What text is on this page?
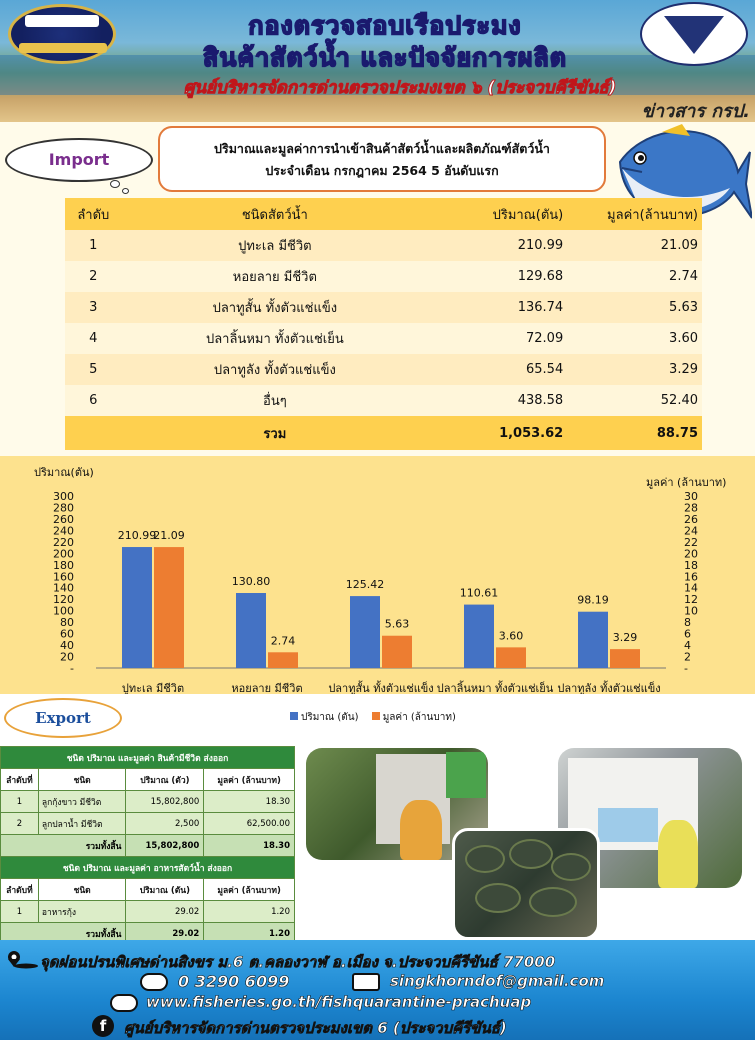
กองตรวจสอบเรือประมง
สินค้าสัตว์น้ำ และปัจจัยการผลิต
ศูนย์บริหารจัดการด่านตรวจประมงเขต ๖ (ประจวบคีรีขันธ์)
ข่าวสาร กรป.
Import
ปริมาณและมูลค่าการนำเข้าสินค้าสัตว์น้ำและผลิตภัณฑ์สัตว์น้ำ
ประจำเดือน กรกฎาคม 2564 5 อันดับแรก
ลำดับ	ชนิดสัตว์น้ำ	ปริมาณ(ตัน)	มูลค่า(ล้านบาท)
1	ปูทะเล มีชีวิต	210.99	21.09
2	หอยลาย มีชีวิต	129.68	2.74
3	ปลาทูสั้น ทั้งตัวแช่แข็ง	136.74	5.63
4	ปลาลิ้นหมา ทั้งตัวแช่เย็น	72.09	3.60
5	ปลาทูลัง ทั้งตัวแช่แข็ง	65.54	3.29
6	อื่นๆ	438.58	52.40
	รวม	1,053.62	88.75
ปริมาณ(ตัน)
มูลค่า (ล้านบาท)
300
280
260
240
220
200
180
160
140
120
100
80
60
40
20
-
30
28
26
24
22
20
18
16
14
12
10
8
6
4
2
-
ปูทะเล มีชีวิต	หอยลาย มีชีวิต ปลาทูสั้น ทั้งตัวแช่แข็ง ปลาลิ้นหมา ทั้งตัวแช่เย็น ปลาทูลัง ทั้งตัวแช่แข็ง
210.99
130.80	125.42
110.61
98.19
21.09
2.74
5.63
3.60	3.29
Export
ชนิด ปริมาณ และมูลค่า สินค้ามีชีวิต ส่งออก			
ลำดับที่	ชนิด	ปริมาณ (ตัว)	มูลค่า (ล้านบาท)
1	ลูกกุ้งขาว มีชีวิต	15,802,800	18.30
2	ลูกปลาน้ำ มีชีวิต	2,500	62,500.00
รวมทั้งสิ้น		15,802,800	18.30
ชนิด ปริมาณ และมูลค่า อาหารสัตว์น้ำ ส่งออก			
ลำดับที่	ชนิด	ปริมาณ (ตัน)	มูลค่า (ล้านบาท)
1	อาหารกุ้ง	29.02	1.20
รวมทั้งสิ้น		29.02	1.20
จุดผ่อนปรนพิเศษด่านสิงขร ม.6 ต.คลองวาฬ อ.เมือง จ.ประจวบคีรีขันธ์ 77000
0 3290 6099	singkhorndof@gmail.com
www.fisheries.go.th/fishquarantine-prachuap
f	ศูนย์บริหารจัดการด่านตรวจประมงเขต 6 (ประจวบคีรีขันธ์)
ปริมาณ (ตัน) มูลค่า (ล้านบาท)
